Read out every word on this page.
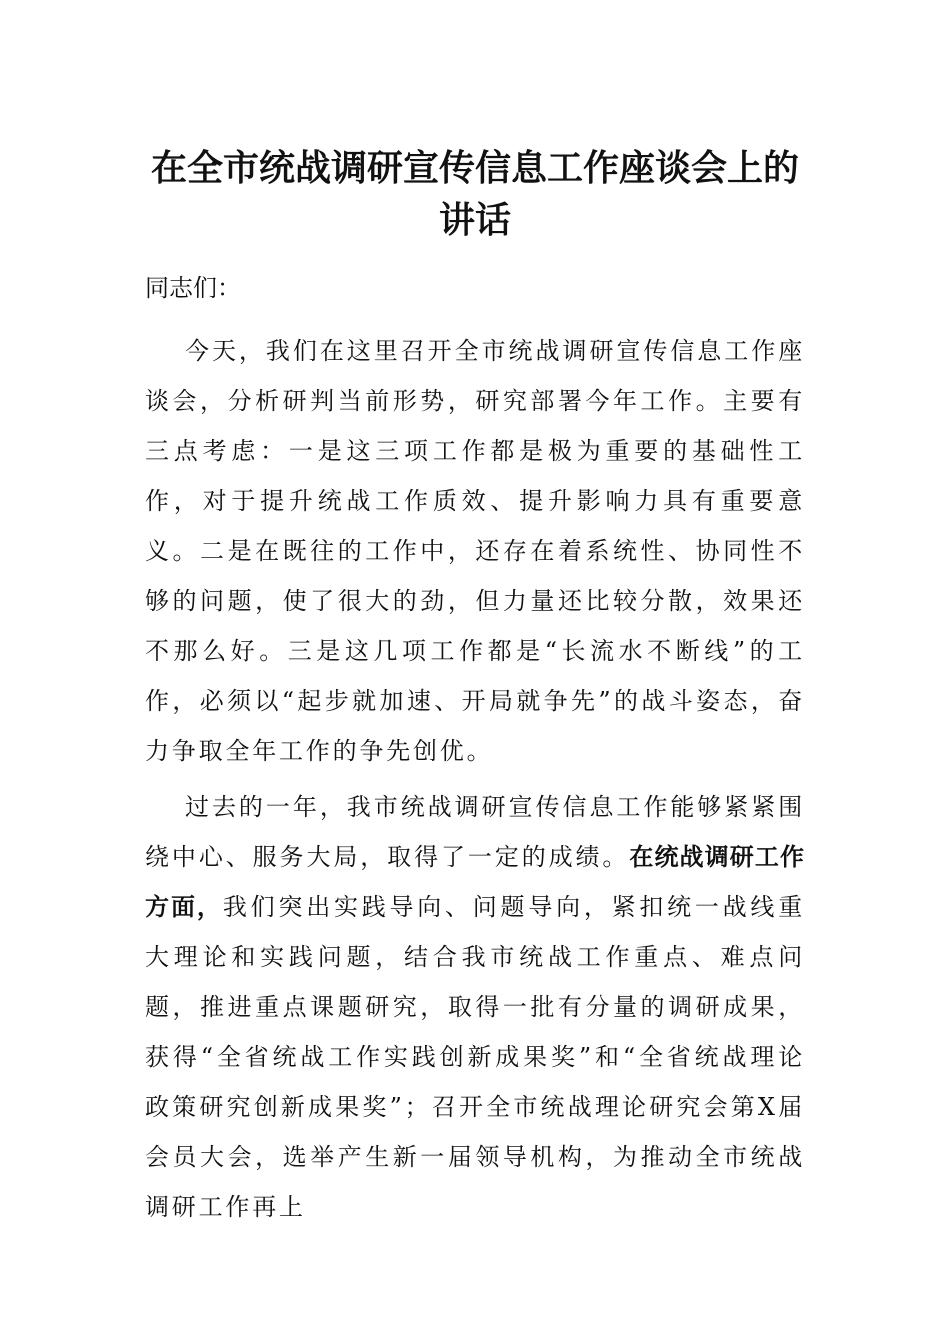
在全市统战调研宣传信息工作座谈会上的讲话

同志们：

今天，我们在这里召开全市统战调研宣传信息工作座谈会，分析研判当前形势，研究部署今年工作。主要有三点考虑：一是这三项工作都是极为重要的基础性工作，对于提升统战工作质效、提升影响力具有重要意义。二是在既往的工作中，还存在着系统性、协同性不够的问题，使了很大的劲，但力量还比较分散，效果还不那么好。三是这几项工作都是“长流水不断线”的工作，必须以“起步就加速、开局就争先”的战斗姿态，奋力争取全年工作的争先创优。

过去的一年，我市统战调研宣传信息工作能够紧紧围绕中心、服务大局，取得了一定的成绩。在统战调研工作方面，我们突出实践导向、问题导向，紧扣统一战线重大理论和实践问题，结合我市统战工作重点、难点问题，推进重点课题研究，取得一批有分量的调研成果，获得“全省统战工作实践创新成果奖”和“全省统战理论政策研究创新成果奖”；召开全市统战理论研究会第X届会员大会，选举产生新一届领导机构，为推动全市统战调研工作再上
